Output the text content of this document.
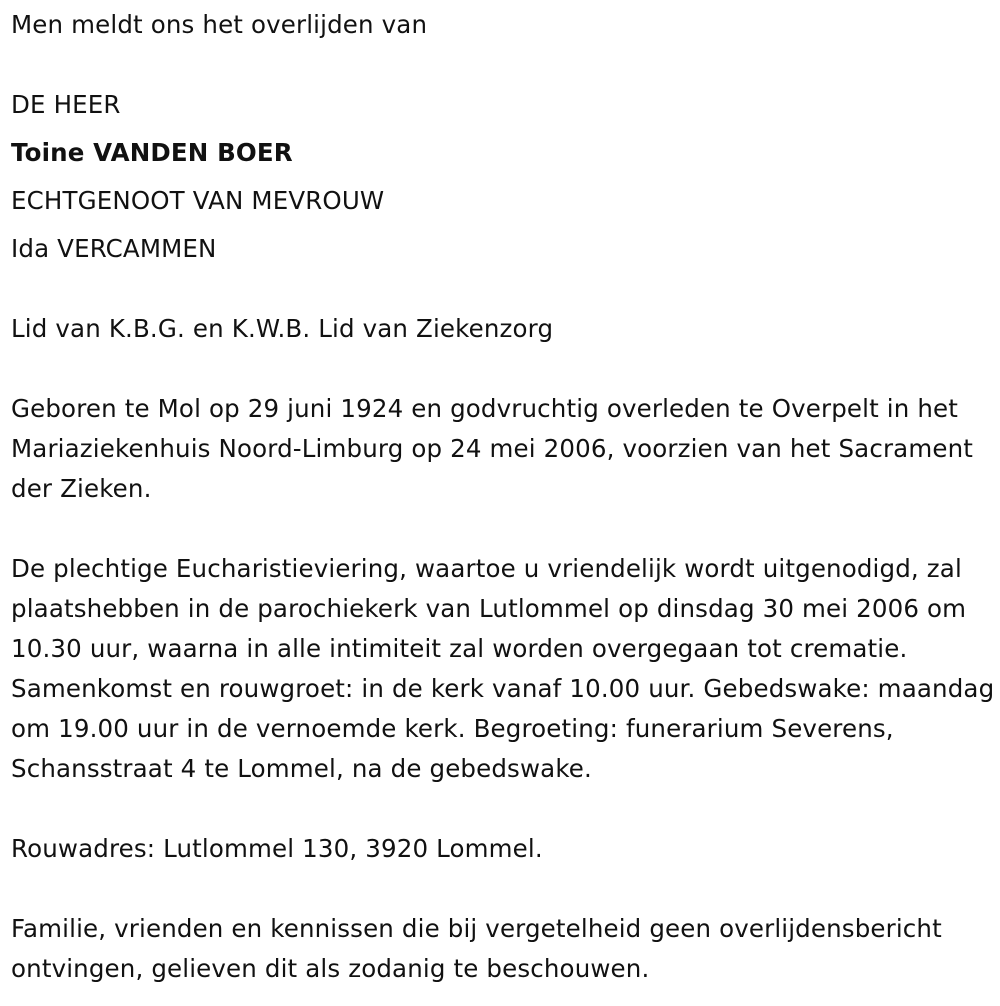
Men meldt ons het overlijden van
DE HEER
Toine VANDEN BOER
ECHTGENOOT VAN MEVROUW
Ida VERCAMMEN
Lid van K.B.G. en K.W.B. Lid van Ziekenzorg

Geboren te Mol op 29 juni 1924 en godvruchtig overleden te Overpelt in het Mariaziekenhuis Noord-Limburg op 24 mei 2006, voorzien van het Sacrament der Zieken.

De plechtige Eucharistieviering, waartoe u vriendelijk wordt uitgenodigd, zal plaatshebben in de parochiekerk van Lutlommel op dinsdag 30 mei 2006 om 10.30 uur, waarna in alle intimiteit zal worden overgegaan tot crematie. Samenkomst en rouwgroet: in de kerk vanaf 10.00 uur. Gebedswake: maandag om 19.00 uur in de vernoemde kerk. Begroeting: funerarium Severens, Schansstraat 4 te Lommel, na de gebedswake.

Rouwadres: Lutlommel 130, 3920 Lommel.

Familie, vrienden en kennissen die bij vergetelheid geen overlijdensbericht ontvingen, gelieven dit als zodanig te beschouwen.
